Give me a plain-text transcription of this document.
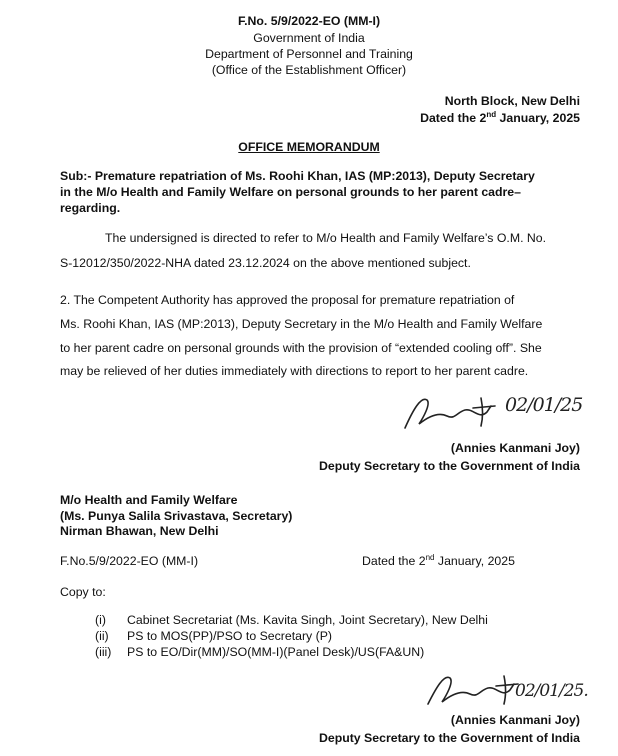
F.No. 5/9/2022-EO (MM-I)
Government of India
Department of Personnel and Training
(Office of the Establishment Officer)
North Block, New Delhi
Dated the 2nd January, 2025
OFFICE MEMORANDUM
Sub:- Premature repatriation of Ms. Roohi Khan, IAS (MP:2013), Deputy Secretary
in the M/o Health and Family Welfare on personal grounds to her parent cadre–
regarding.
The undersigned is directed to refer to M/o Health and Family Welfare’s O.M. No.
S-12012/350/2022-NHA dated 23.12.2024 on the above mentioned subject.
2. The Competent Authority has approved the proposal for premature repatriation of
Ms. Roohi Khan, IAS (MP:2013), Deputy Secretary in the M/o Health and Family Welfare
to her parent cadre on personal grounds with the provision of “extended cooling off”. She
may be relieved of her duties immediately with directions to report to her parent cadre.
02/01/25
(Annies Kanmani Joy)
Deputy Secretary to the Government of India
M/o Health and Family Welfare
(Ms. Punya Salila Srivastava, Secretary)
Nirman Bhawan, New Delhi
F.No.5/9/2022-EO (MM-I)	Dated the 2nd January, 2025
Copy to:
(i) Cabinet Secretariat (Ms. Kavita Singh, Joint Secretary), New Delhi
(ii) PS to MOS(PP)/PSO to Secretary (P)
(iii) PS to EO/Dir(MM)/SO(MM-I)(Panel Desk)/US(FA&UN)
02/01/25.
(Annies Kanmani Joy)
Deputy Secretary to the Government of India
